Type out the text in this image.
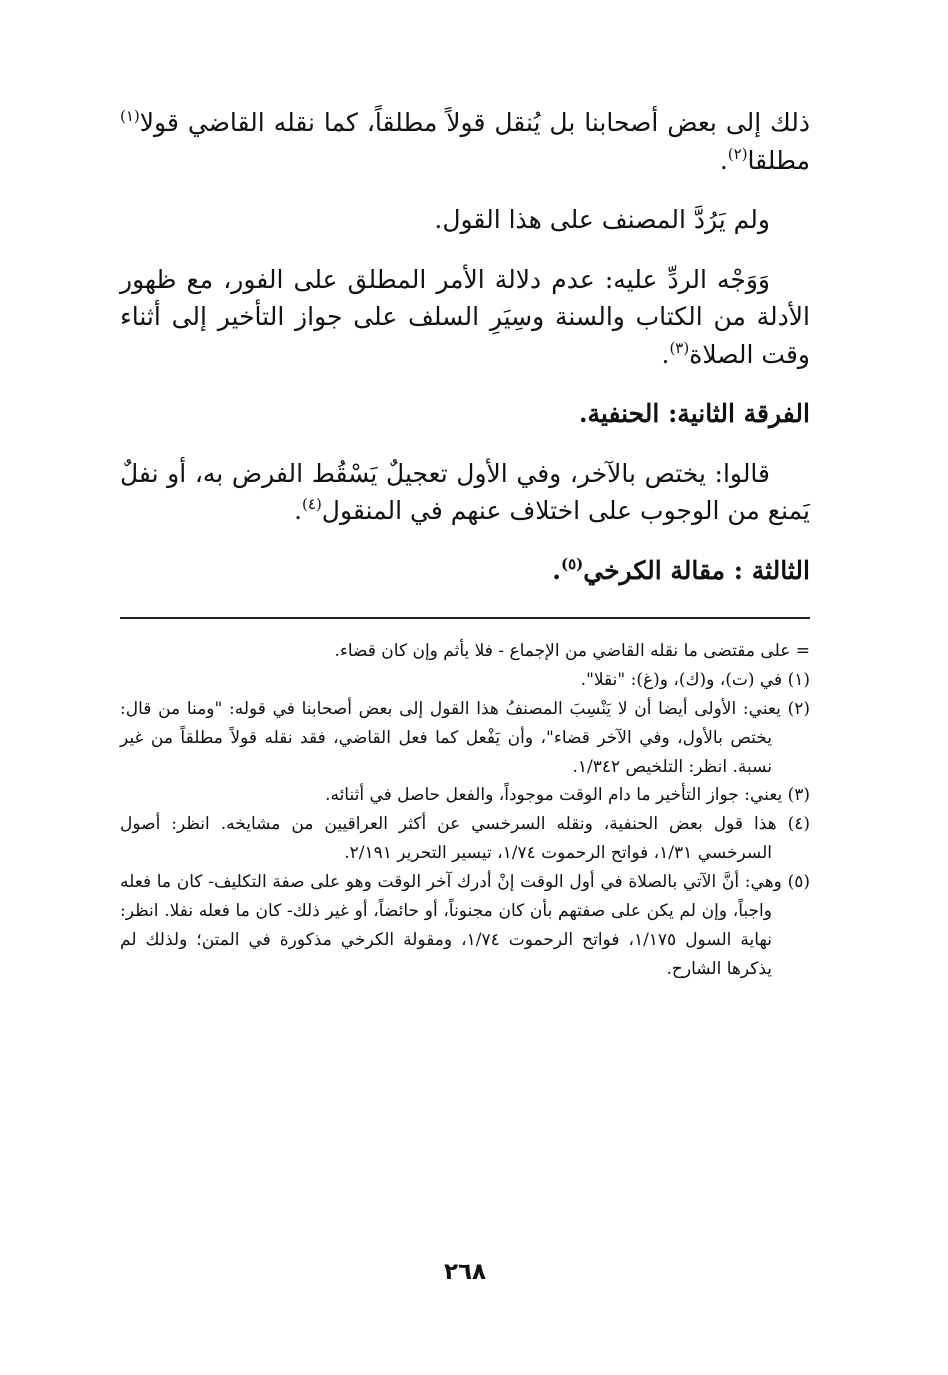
ذلك إلى بعض أصحابنا بل يُنقل قولاً مطلقاً، كما نقله القاضي قولا$^{(١)}$ مطلقا$^{(٢)}$.

ولم يَرُدَّ المصنف على هذا القول.

وَوَجْه الردِّ عليه: عدم دلالة الأمر المطلق على الفور، مع ظهور الأدلة من الكتاب والسنة وسِيَرِ السلف على جواز التأخير إلى أثناء وقت الصلاة$^{(٣)}$.

الفرقة الثانية: الحنفية.

قالوا: يختص بالآخر، وفي الأول تعجيلٌ يَسْقُط الفرض به، أو نفلٌ يَمنع من الوجوب على اختلاف عنهم في المنقول$^{(٤)}$.

الثالثة : مقالة الكرخي$^{(٥)}$.

= على مقتضى ما نقله القاضي من الإجماع - فلا يأثم وإن كان قضاء.

(١) في (ت)، و(ك)، و(غ): "نقلا".

(٢) يعني: الأولى أيضا أن لا يَنْسِبَ المصنفُ هذا القول إلى بعض أصحابنا في قوله: "ومنا من قال: يختص بالأول، وفي الآخر قضاء"، وأن يَفْعل كما فعل القاضي، فقد نقله قولاً مطلقاً من غير نسبة. انظر: التلخيص ١/٣٤٢.

(٣) يعني: جواز التأخير ما دام الوقت موجوداً، والفعل حاصل في أثنائه.

(٤) هذا قول بعض الحنفية، ونقله السرخسي عن أكثر العراقيين من مشايخه. انظر: أصول السرخسي ١/٣١، فواتح الرحموت ١/٧٤، تيسير التحرير ٢/١٩١.

(٥) وهي: أنَّ الآتي بالصلاة في أول الوقت إنْ أدرك آخر الوقت وهو على صفة التكليف- كان ما فعله واجباً، وإن لم يكن على صفتهم بأن كان مجنوناً، أو حائضاً، أو غير ذلك- كان ما فعله نفلا. انظر: نهاية السول ١/١٧٥، فواتح الرحموت ١/٧٤، ومقولة الكرخي مذكورة في المتن؛ ولذلك لم يذكرها الشارح.

٢٦٨
